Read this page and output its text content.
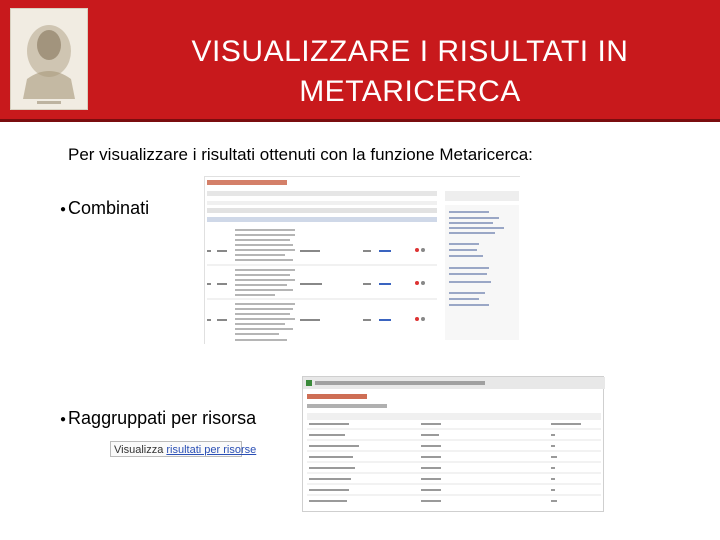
VISUALIZZARE I RISULTATI IN
METARICERCA
Per visualizzare i risultati ottenuti con la funzione Metaricerca:
● Combinati
● Raggruppati per risorsa
Visualizza risultati per risorse
